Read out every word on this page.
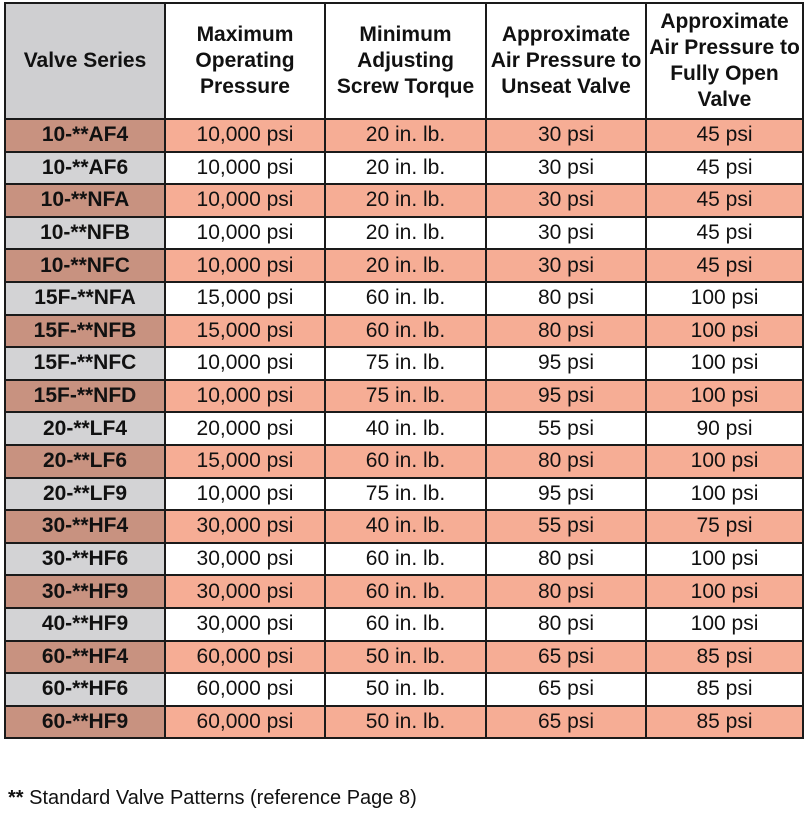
Valve Series	Maximum Operating Pressure	Minimum Adjusting Screw Torque	Approximate Air Pressure to Unseat Valve	Approximate Air Pressure to Fully Open Valve
10-**AF4	10,000 psi	20 in. lb.	30 psi	45 psi
10-**AF6	10,000 psi	20 in. lb.	30 psi	45 psi
10-**NFA	10,000 psi	20 in. lb.	30 psi	45 psi
10-**NFB	10,000 psi	20 in. lb.	30 psi	45 psi
10-**NFC	10,000 psi	20 in. lb.	30 psi	45 psi
15F-**NFA	15,000 psi	60 in. lb.	80 psi	100 psi
15F-**NFB	15,000 psi	60 in. lb.	80 psi	100 psi
15F-**NFC	10,000 psi	75 in. lb.	95 psi	100 psi
15F-**NFD	10,000 psi	75 in. lb.	95 psi	100 psi
20-**LF4	20,000 psi	40 in. lb.	55 psi	90 psi
20-**LF6	15,000 psi	60 in. lb.	80 psi	100 psi
20-**LF9	10,000 psi	75 in. lb.	95 psi	100 psi
30-**HF4	30,000 psi	40 in. lb.	55 psi	75 psi
30-**HF6	30,000 psi	60 in. lb.	80 psi	100 psi
30-**HF9	30,000 psi	60 in. lb.	80 psi	100 psi
40-**HF9	30,000 psi	60 in. lb.	80 psi	100 psi
60-**HF4	60,000 psi	50 in. lb.	65 psi	85 psi
60-**HF6	60,000 psi	50 in. lb.	65 psi	85 psi
60-**HF9	60,000 psi	50 in. lb.	65 psi	85 psi
** Standard Valve Patterns (reference Page 8)
